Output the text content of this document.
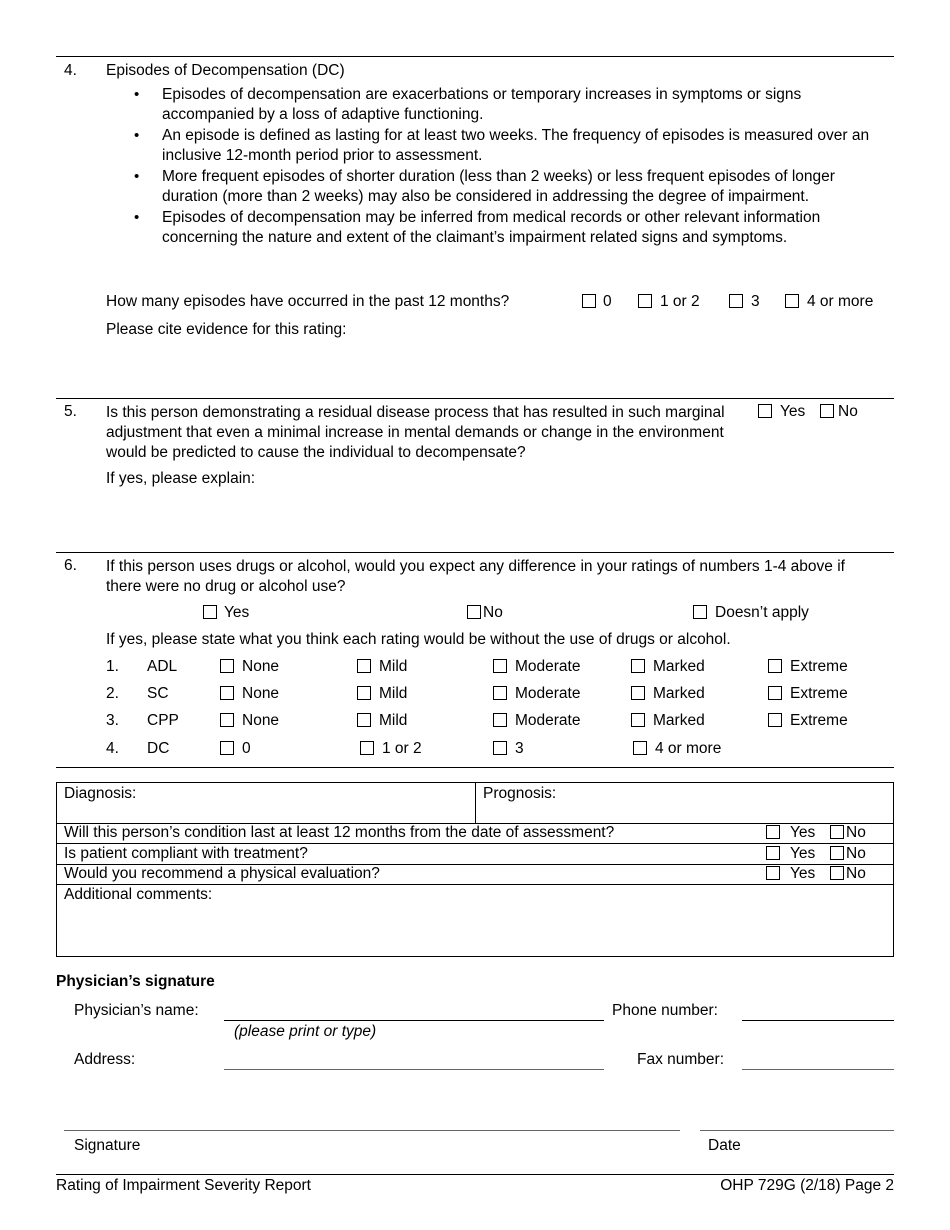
4. Episodes of Decompensation (DC)
• Episodes of decompensation are exacerbations or temporary increases in symptoms or signs accompanied by a loss of adaptive functioning.
• An episode is defined as lasting for at least two weeks. The frequency of episodes is measured over an inclusive 12-month period prior to assessment.
• More frequent episodes of shorter duration (less than 2 weeks) or less frequent episodes of longer duration (more than 2 weeks) may also be considered in addressing the degree of impairment.
• Episodes of decompensation may be inferred from medical records or other relevant information concerning the nature and extent of the claimant’s impairment related signs and symptoms.
How many episodes have occurred in the past 12 months?	0	1 or 2	3	4 or more
Please cite evidence for this rating:
5. Is this person demonstrating a residual disease process that has resulted in such marginal adjustment that even a minimal increase in mental demands or change in the environment would be predicted to cause the individual to decompensate?
Yes No
If yes, please explain:
6. If this person uses drugs or alcohol, would you expect any difference in your ratings of numbers 1-4 above if there were no drug or alcohol use?
Yes	No	Doesn’t apply
If yes, please state what you think each rating would be without the use of drugs or alcohol.
1. ADL	None	Mild	Moderate	Marked	Extreme
2. SC	None	Mild	Moderate	Marked	Extreme
3. CPP	None	Mild	Moderate	Marked	Extreme
4. DC	0	1 or 2	3	4 or more
Diagnosis:	Prognosis:
Will this person’s condition last at least 12 months from the date of assessment?	Yes No
Is patient compliant with treatment?	Yes No
Would you recommend a physical evaluation?	Yes No
Additional comments:
Physician’s signature
Physician’s name:
(please print or type)
Phone number:
Address:	Fax number:
Signature	Date
Rating of Impairment Severity Report	OHP 729G (2/18) Page 2
